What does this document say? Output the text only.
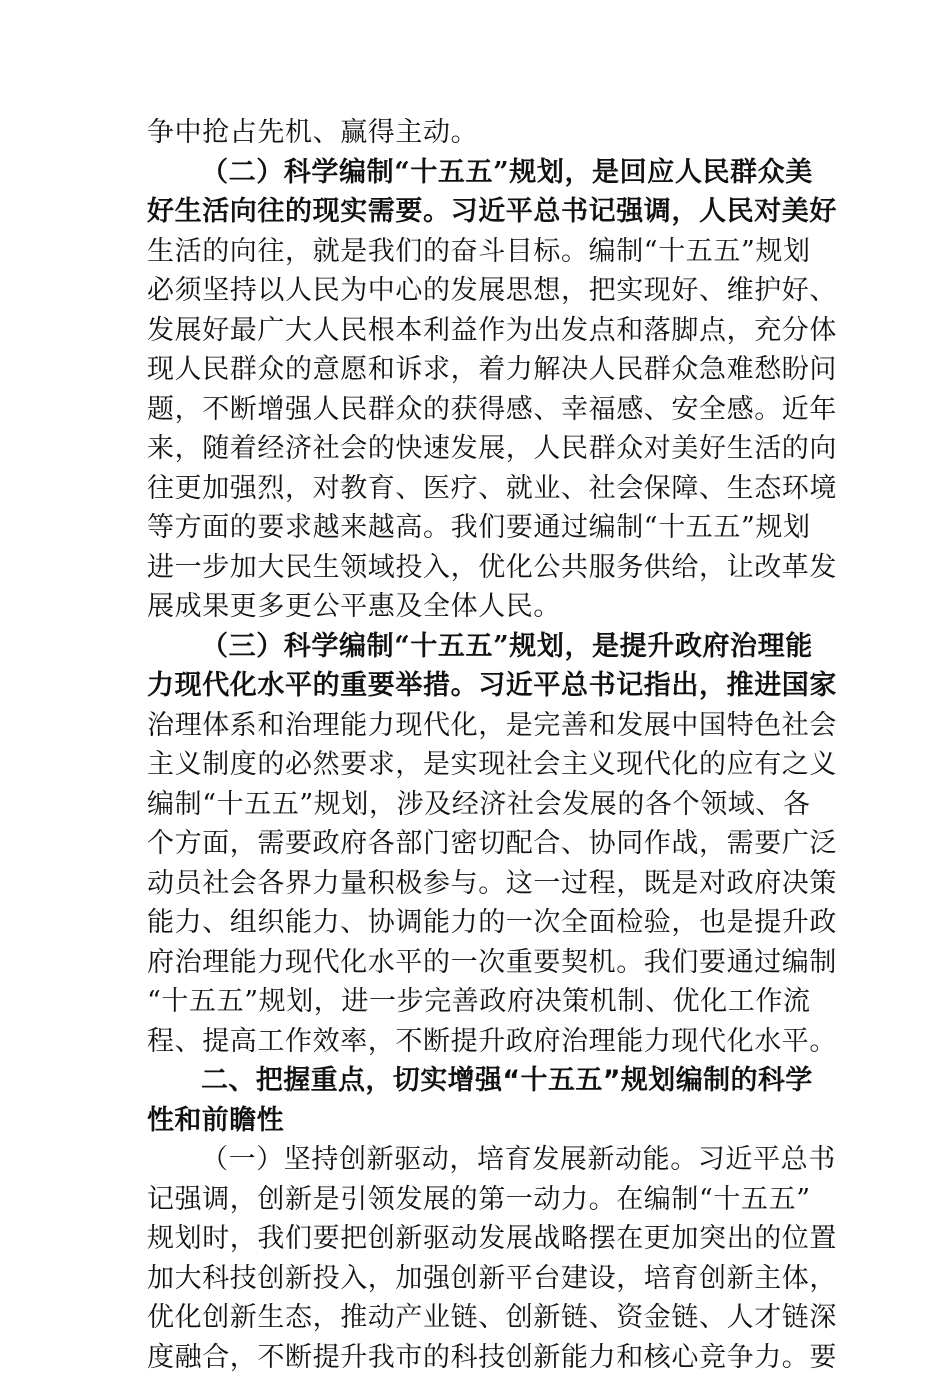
争中抢占先机、赢得主动。
（二）科学编制“十五五”规划，是回应人民群众美
好生活向往的现实需要。习近平总书记强调，人民对美好
生活的向往，就是我们的奋斗目标。编制“十五五”规划
必须坚持以人民为中心的发展思想，把实现好、维护好、
发展好最广大人民根本利益作为出发点和落脚点，充分体
现人民群众的意愿和诉求，着力解决人民群众急难愁盼问
题，不断增强人民群众的获得感、幸福感、安全感。近年
来，随着经济社会的快速发展，人民群众对美好生活的向
往更加强烈，对教育、医疗、就业、社会保障、生态环境
等方面的要求越来越高。我们要通过编制“十五五”规划
进一步加大民生领域投入，优化公共服务供给，让改革发
展成果更多更公平惠及全体人民。
（三）科学编制“十五五”规划，是提升政府治理能
力现代化水平的重要举措。习近平总书记指出，推进国家
治理体系和治理能力现代化，是完善和发展中国特色社会
主义制度的必然要求，是实现社会主义现代化的应有之义
编制“十五五”规划，涉及经济社会发展的各个领域、各
个方面，需要政府各部门密切配合、协同作战，需要广泛
动员社会各界力量积极参与。这一过程，既是对政府决策
能力、组织能力、协调能力的一次全面检验，也是提升政
府治理能力现代化水平的一次重要契机。我们要通过编制
“十五五”规划，进一步完善政府决策机制、优化工作流
程、提高工作效率，不断提升政府治理能力现代化水平。
二、把握重点，切实增强“十五五”规划编制的科学
性和前瞻性
（一）坚持创新驱动，培育发展新动能。习近平总书
记强调，创新是引领发展的第一动力。在编制“十五五”
规划时，我们要把创新驱动发展战略摆在更加突出的位置
加大科技创新投入，加强创新平台建设，培育创新主体，
优化创新生态，推动产业链、创新链、资金链、人才链深
度融合，不断提升我市的科技创新能力和核心竞争力。要
